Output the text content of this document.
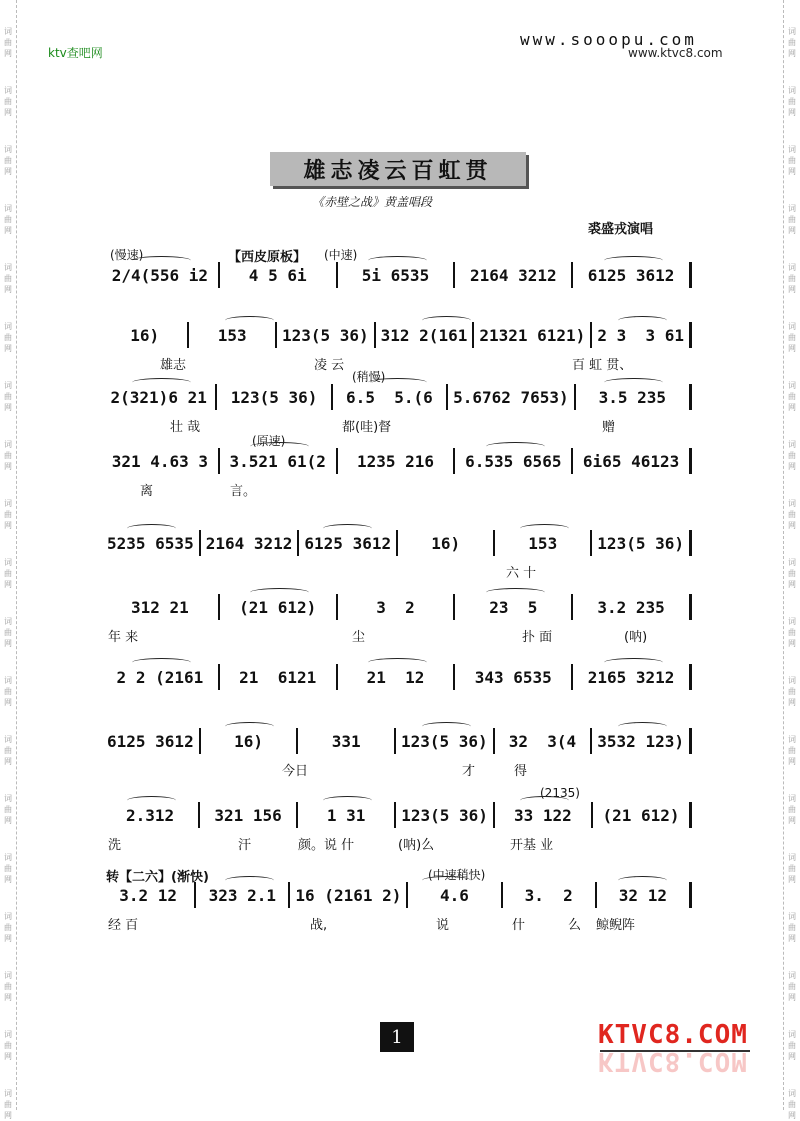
词曲网
词曲网
词曲网
词曲网
词曲网
词曲网
词曲网
词曲网
词曲网
词曲网
词曲网
词曲网
词曲网
词曲网
词曲网
词曲网
词曲网
词曲网
词曲网
词曲网
词曲网
词曲网
词曲网
词曲网
词曲网
词曲网
词曲网
词曲网
词曲网
词曲网
词曲网
词曲网
词曲网
词曲网
词曲网
词曲网
词曲网
词曲网
ktv查吧网
www.sooopu.com
www.ktvc8.com
雄志凌云百虹贯
《赤壁之战》黄盖唱段
裘盛戎演唱
(慢速)	【西皮原板】 (中速)
2/4(556 i2	4 5 6i	5i 6535	2164 3212	6125 3612
16)	153	123(5 36) 312 2(161 21321 6121) 2 3  3 61
雄志	凌 云	百 虹 贯、
(稍慢)
2(321)6 21	123(5 36)	6.5  5.(6	5.6762 7653)	3.5 235
壮 哉	都(哇)督	赠
(原速)
321 4.63 3	3.521 61(2	1235 216	6.535 6565	6i65 46123
离	言。
5235 6535 2164 3212 6125 3612	16)	153	123(5 36)
六 十
312 21	(21 612)	3  2	23  5	3.2 235
年 来	尘	扑 面	(呐)
2 2 (2161	21  6121	21  12	343 6535	2165 3212
6125 3612	16)	331	123(5 36)	32  3(4	3532 123)
今日	才	得
(2135)
2.312	321 156	1 31	123(5 36)	33 122	(21 612)
洗	汗	颜。说 什	(呐)么	开基 业
转【二六】(渐快)	(中速稍快)
3.2 12	323 2.1	16 (2161 2)	4.6	3.  2	32 12
经 百	战,	说	什	么 鲸鲵阵
1	KTVC8.COM
KTVC8.COM
